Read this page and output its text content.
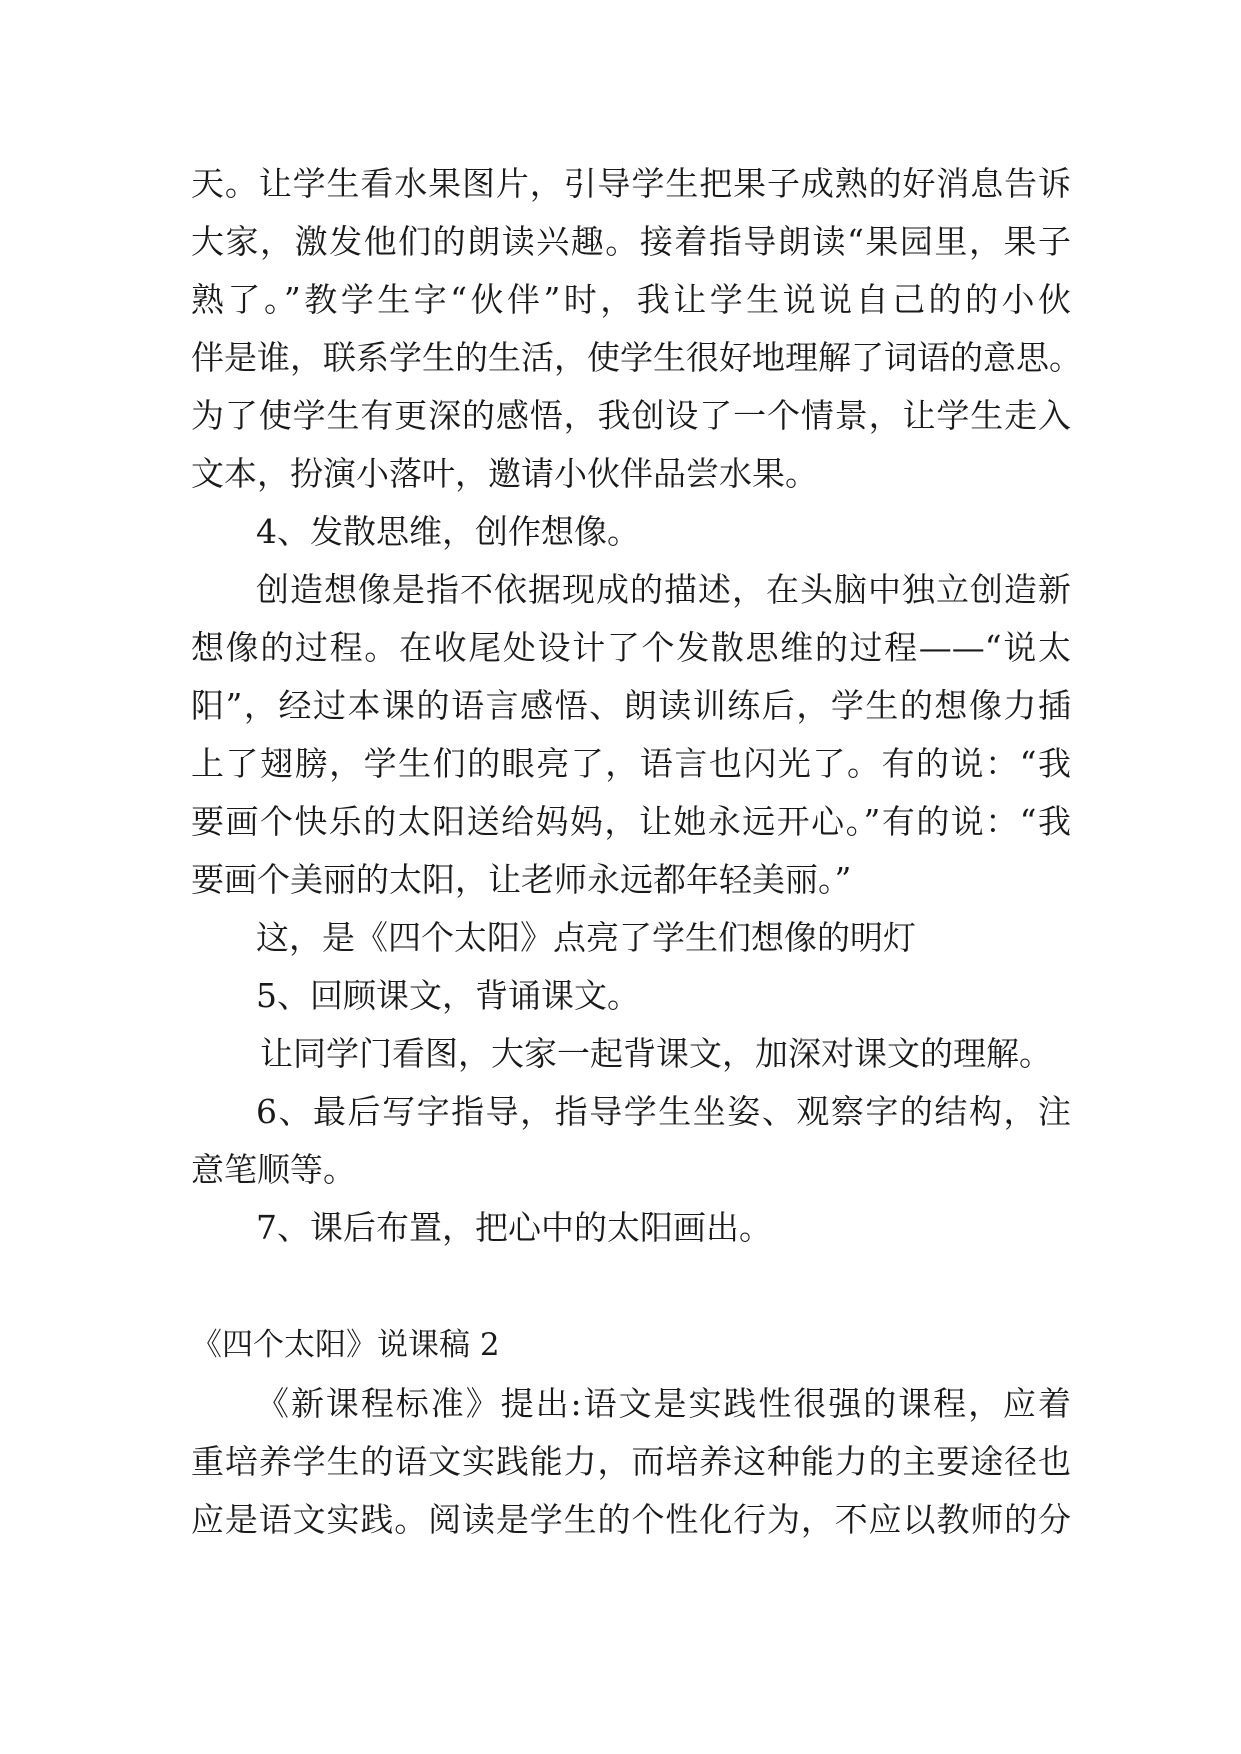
天。让学生看水果图片，引导学生把果子成熟的好消息告诉
大家，激发他们的朗读兴趣。接着指导朗读“果园里，果子
熟了。”教学生字“伙伴”时，我让学生说说自己的的小伙
伴是谁，联系学生的生活，使学生很好地理解了词语的意思。
为了使学生有更深的感悟，我创设了一个情景，让学生走入
文本，扮演小落叶，邀请小伙伴品尝水果。
4、发散思维，创作想像。
创造想像是指不依据现成的描述，在头脑中独立创造新
想像的过程。在收尾处设计了个发散思维的过程——“说太
阳”，经过本课的语言感悟、朗读训练后，学生的想像力插
上了翅膀，学生们的眼亮了，语言也闪光了。有的说：“我
要画个快乐的太阳送给妈妈，让她永远开心。”有的说：“我
要画个美丽的太阳，让老师永远都年轻美丽。”
这，是《四个太阳》点亮了学生们想像的明灯
5、回顾课文，背诵课文。
让同学门看图，大家一起背课文，加深对课文的理解。
6、最后写字指导，指导学生坐姿、观察字的结构，注
意笔顺等。
7、课后布置，把心中的太阳画出。
《四个太阳》说课稿 2
《新课程标准》提出:语文是实践性很强的课程，应着
重培养学生的语文实践能力，而培养这种能力的主要途径也
应是语文实践。阅读是学生的个性化行为，不应以教师的分
